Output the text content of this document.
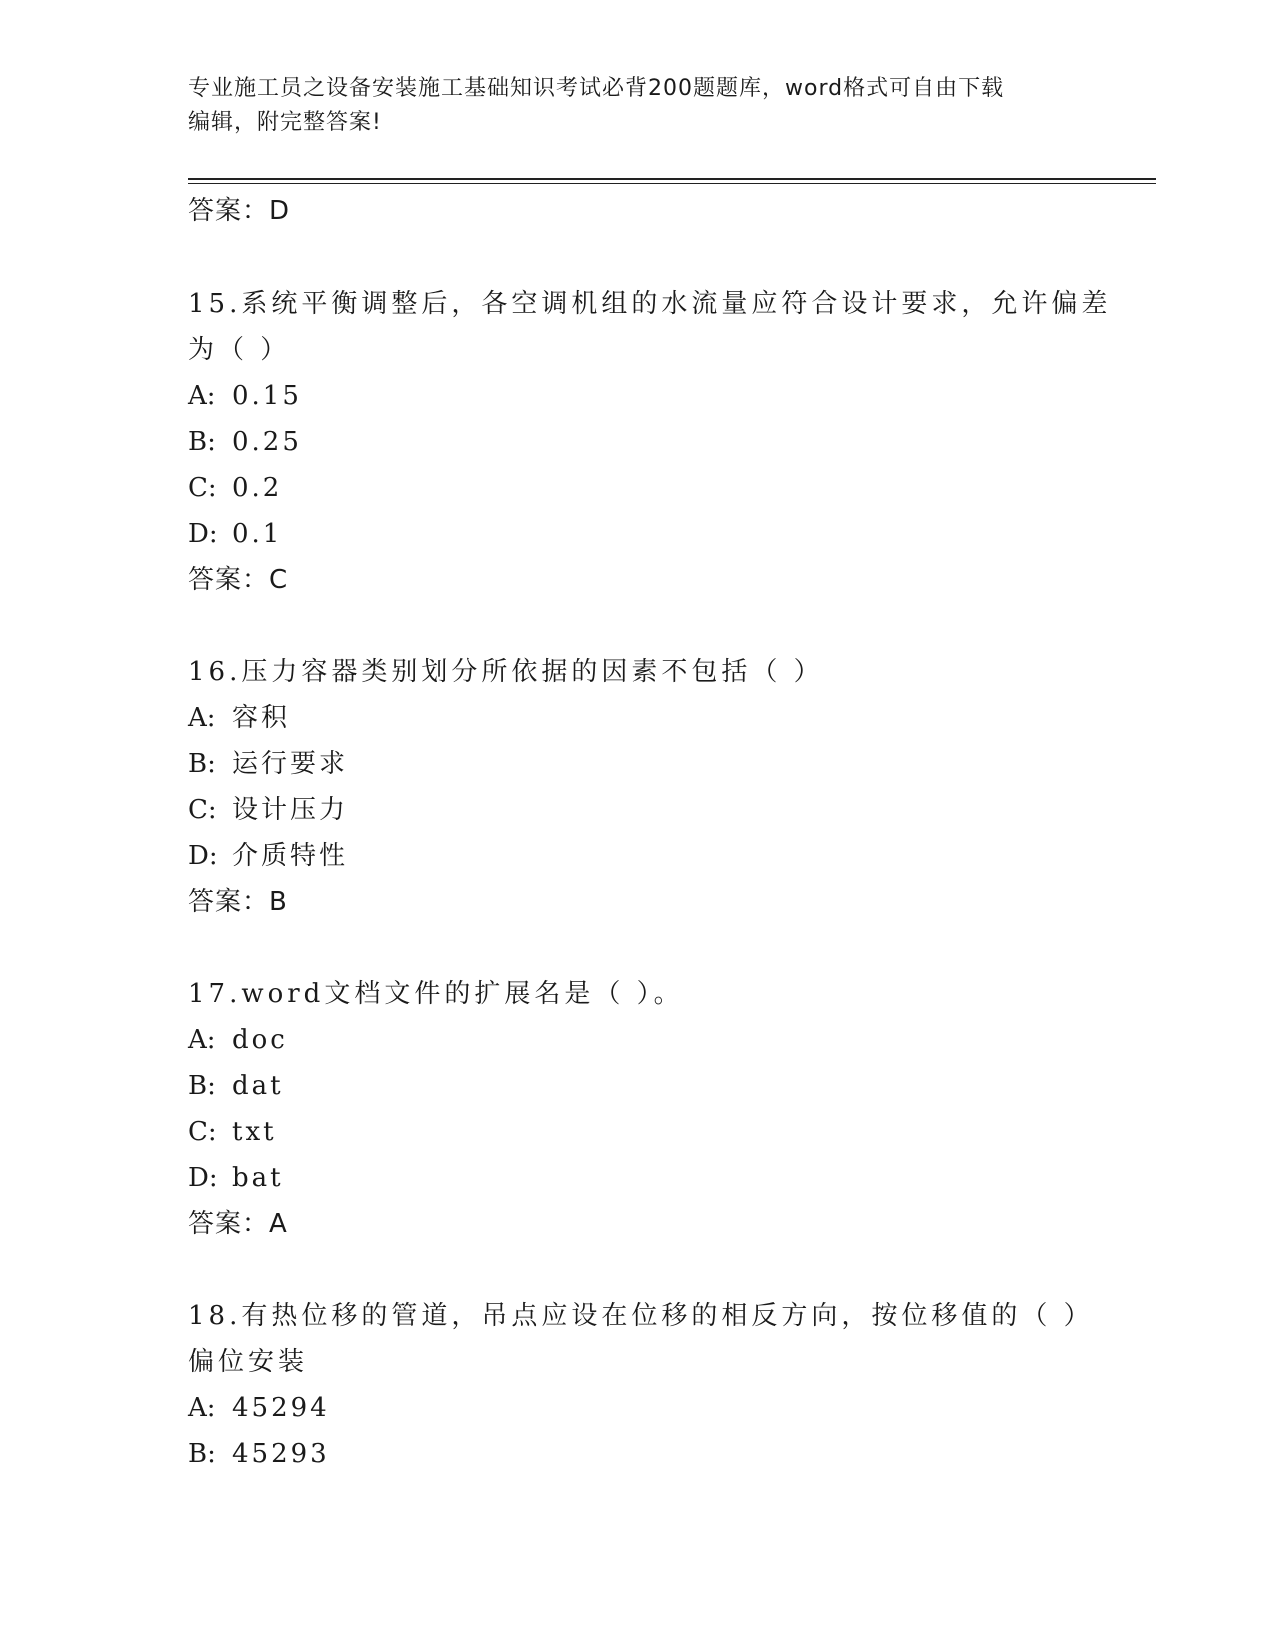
专业施工员之设备安装施工基础知识考试必背200题题库，word格式可自由下载
编辑，附完整答案!
答案：D
15.系统平衡调整后，各空调机组的水流量应符合设计要求，允许偏差
为（ ）
A: 0.15
B: 0.25
C: 0.2
D: 0.1
答案：C
16.压力容器类别划分所依据的因素不包括（ ）
A: 容积
B: 运行要求
C: 设计压力
D: 介质特性
答案：B
17.word文档文件的扩展名是（ ）。
A: doc
B: dat
C: txt
D: bat
答案：A
18.有热位移的管道，吊点应设在位移的相反方向，按位移值的（ ）
偏位安装
A: 45294
B: 45293
